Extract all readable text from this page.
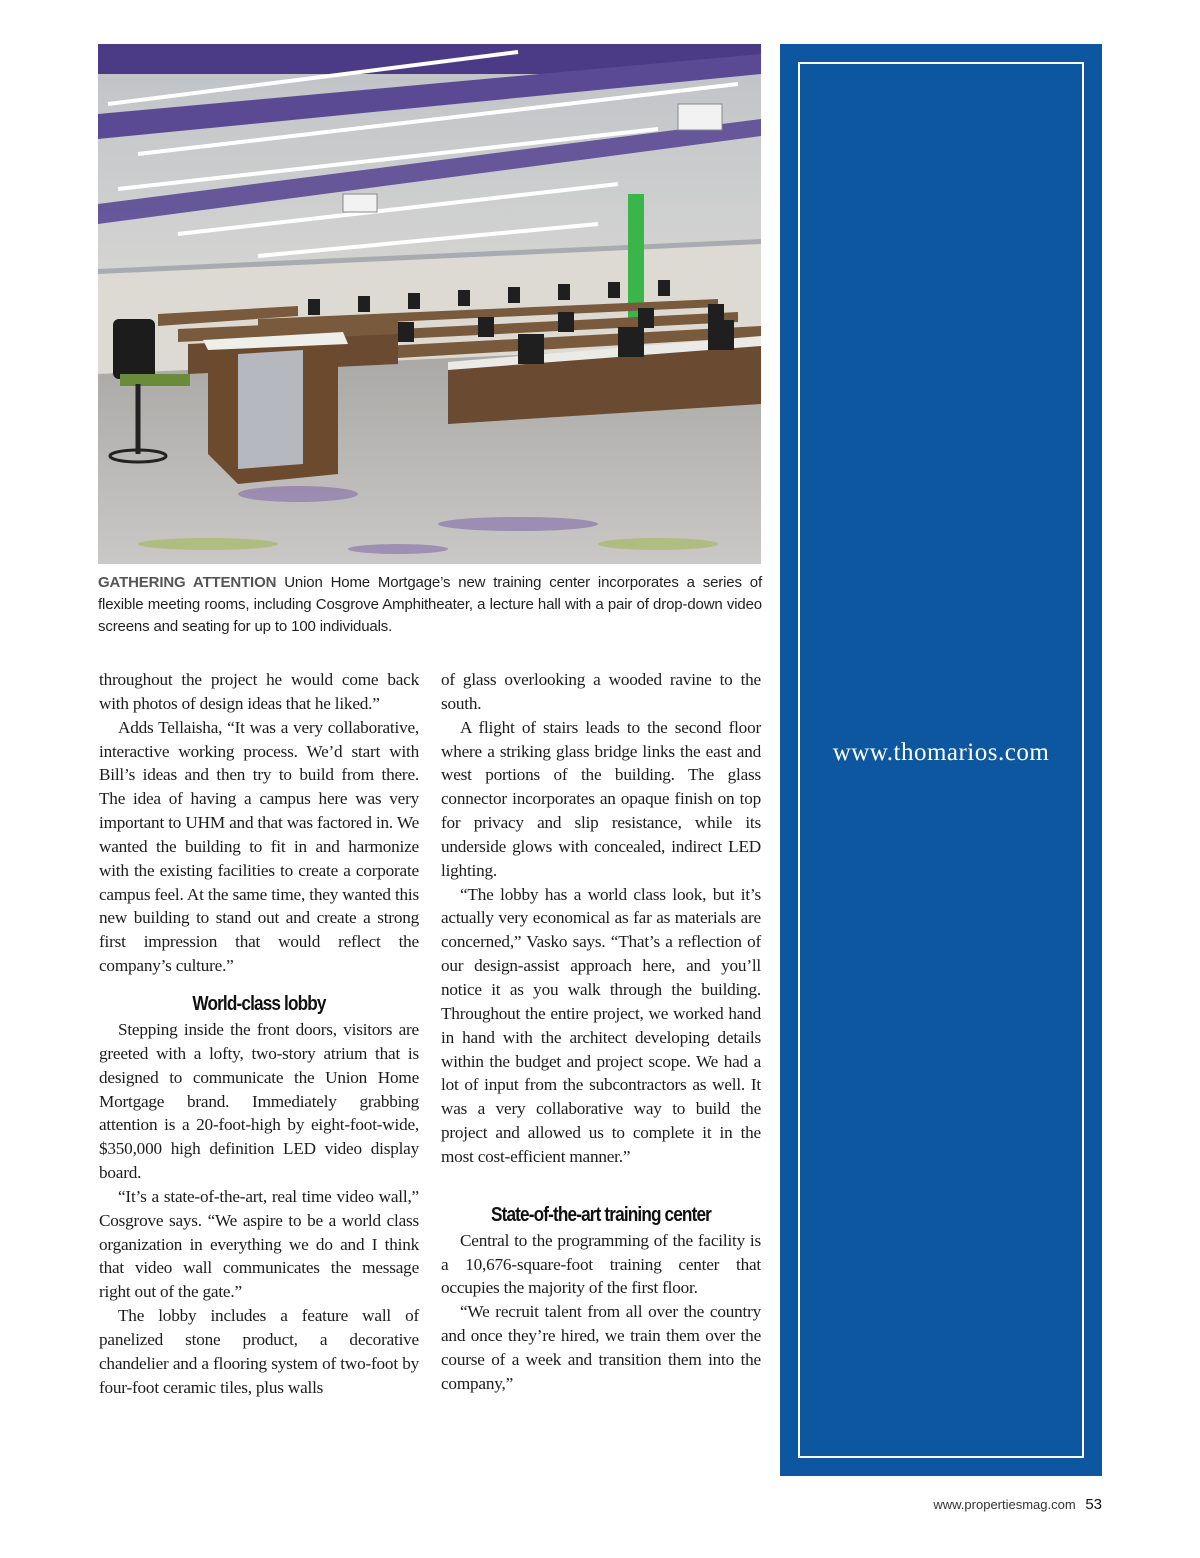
GATHERING ATTENTION Union Home Mortgage’s new training center incorporates a series of flexible meeting rooms, including Cosgrove Amphitheater, a lecture hall with a pair of drop-down video screens and seating for up to 100 individuals.

throughout the project he would come back with photos of design ideas that he liked.”

Adds Tellaisha, “It was a very collaborative, interactive working process. We’d start with Bill’s ideas and then try to build from there. The idea of having a campus here was very important to UHM and that was factored in. We wanted the building to fit in and harmonize with the existing facilities to create a corporate campus feel. At the same time, they wanted this new building to stand out and create a strong first impression that would reflect the company’s culture.”

World-class lobby

Stepping inside the front doors, visitors are greeted with a lofty, two-story atrium that is designed to communicate the Union Home Mortgage brand. Immediately grabbing attention is a 20-foot-high by eight-foot-wide, $350,000 high definition LED video display board.

“It’s a state-of-the-art, real time video wall,” Cosgrove says. “We aspire to be a world class organization in everything we do and I think that video wall communicates the message right out of the gate.”

The lobby includes a feature wall of panelized stone product, a decorative chandelier and a flooring system of two-foot by four-foot ceramic tiles, plus walls

of glass overlooking a wooded ravine to the south.

A flight of stairs leads to the second floor where a striking glass bridge links the east and west portions of the building. The glass connector incorporates an opaque finish on top for privacy and slip resistance, while its underside glows with concealed, indirect LED lighting.

“The lobby has a world class look, but it’s actually very economical as far as materials are concerned,” Vasko says. “That’s a reflection of our design-assist approach here, and you’ll notice it as you walk through the building. Throughout the entire project, we worked hand in hand with the architect developing details within the budget and project scope. We had a lot of input from the subcontractors as well. It was a very collaborative way to build the project and allowed us to complete it in the most cost-efficient manner.”

State-of-the-art training center

Central to the programming of the facility is a 10,676-square-foot training center that occupies the majority of the first floor.

“We recruit talent from all over the country and once they’re hired, we train them over the course of a week and transition them into the company,”

www.thomarios.com
www.propertiesmag.com 53
